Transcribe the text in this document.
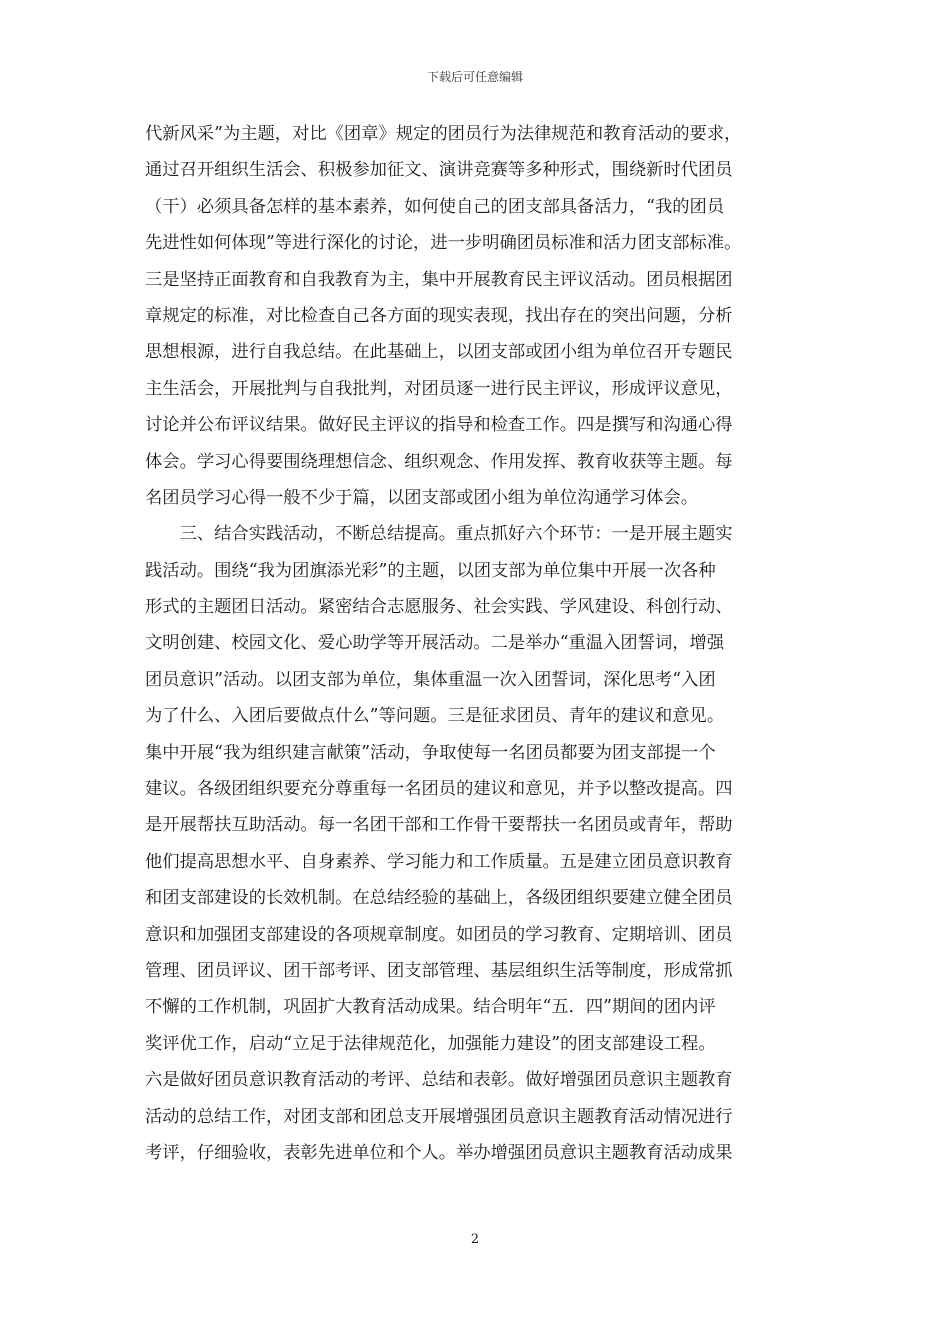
下载后可任意编辑
代新风采”为主题，对比《团章》规定的团员行为法律规范和教育活动的要求，
通过召开组织生活会、积极参加征文、演讲竞赛等多种形式，围绕新时代团员
（干）必须具备怎样的基本素养，如何使自己的团支部具备活力，“我的团员
先进性如何体现”等进行深化的讨论，进一步明确团员标准和活力团支部标准。
三是坚持正面教育和自我教育为主，集中开展教育民主评议活动。团员根据团
章规定的标准，对比检查自己各方面的现实表现，找出存在的突出问题，分析
思想根源，进行自我总结。在此基础上，以团支部或团小组为单位召开专题民
主生活会，开展批判与自我批判，对团员逐一进行民主评议，形成评议意见，
讨论并公布评议结果。做好民主评议的指导和检查工作。四是撰写和沟通心得
体会。学习心得要围绕理想信念、组织观念、作用发挥、教育收获等主题。每
名团员学习心得一般不少于篇，以团支部或团小组为单位沟通学习体会。
　　三、结合实践活动，不断总结提高。重点抓好六个环节：一是开展主题实
践活动。围绕“我为团旗添光彩”的主题，以团支部为单位集中开展一次各种
形式的主题团日活动。紧密结合志愿服务、社会实践、学风建设、科创行动、
文明创建、校园文化、爱心助学等开展活动。二是举办“重温入团誓词，增强
团员意识”活动。以团支部为单位，集体重温一次入团誓词，深化思考“入团
为了什么、入团后要做点什么”等问题。三是征求团员、青年的建议和意见。
集中开展“我为组织建言献策”活动，争取使每一名团员都要为团支部提一个
建议。各级团组织要充分尊重每一名团员的建议和意见，并予以整改提高。四
是开展帮扶互助活动。每一名团干部和工作骨干要帮扶一名团员或青年，帮助
他们提高思想水平、自身素养、学习能力和工作质量。五是建立团员意识教育
和团支部建设的长效机制。在总结经验的基础上，各级团组织要建立健全团员
意识和加强团支部建设的各项规章制度。如团员的学习教育、定期培训、团员
管理、团员评议、团干部考评、团支部管理、基层组织生活等制度，形成常抓
不懈的工作机制，巩固扩大教育活动成果。结合明年“五．四”期间的团内评
奖评优工作，启动“立足于法律规范化，加强能力建设”的团支部建设工程。
六是做好团员意识教育活动的考评、总结和表彰。做好增强团员意识主题教育
活动的总结工作，对团支部和团总支开展增强团员意识主题教育活动情况进行
考评，仔细验收，表彰先进单位和个人。举办增强团员意识主题教育活动成果
2
